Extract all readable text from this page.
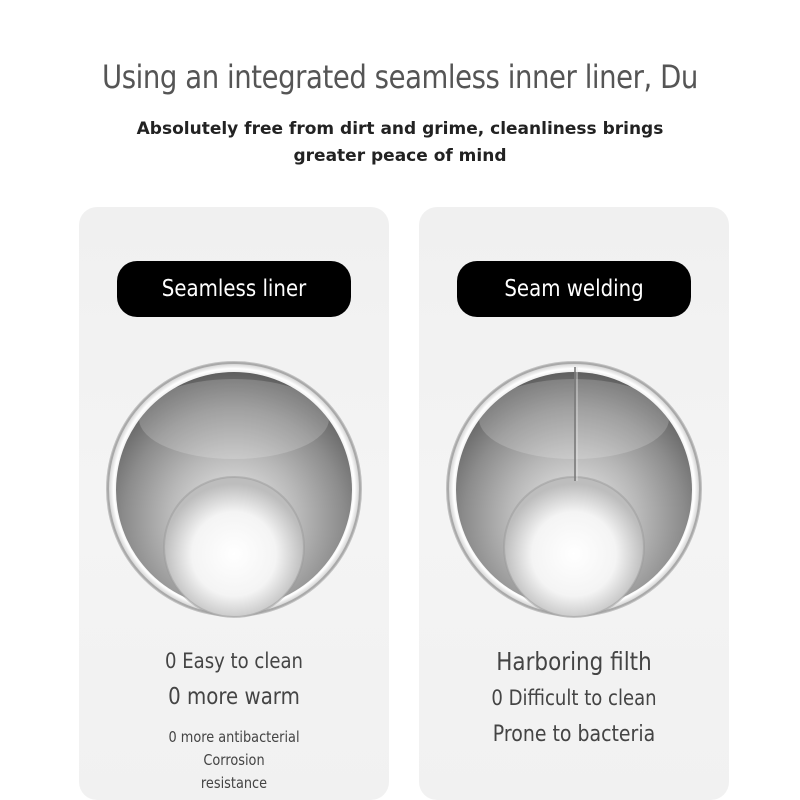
Using an integrated seamless inner liner, Du
Absolutely free from dirt and grime, cleanliness brings greater peace of mind
Seamless liner
0 Easy to clean
0 more warm
0 more antibacterial
Corrosion
resistance
Seam welding
Harboring filth
0 Difficult to clean
Prone to bacteria
